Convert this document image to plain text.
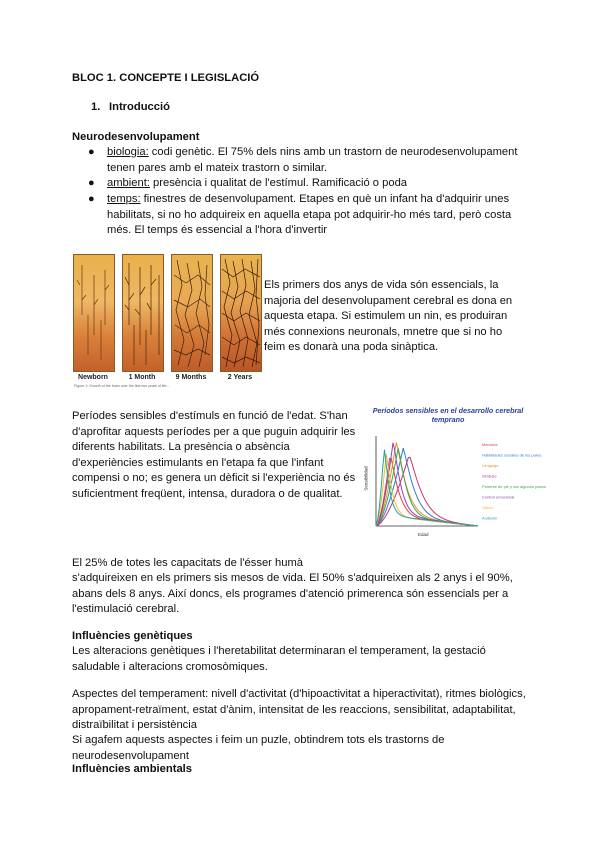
BLOC 1. CONCEPTE I LEGISLACIÓ
1. Introducció
Neurodesenvolupament
● biologia: codi genètic. El 75% dels nins amb un trastorn de neurodesenvolupament tenen pares amb el mateix trastorn o similar.
● ambient: presència i qualitat de l'estímul. Ramificació o poda
● temps: finestres de desenvolupament. Etapes en què un infant ha d'adquirir unes habilitats, si no ho adquireix en aquella etapa pot adquirir-ho més tard, però costa més. El temps és essencial a l'hora d'invertir
Newborn	1 Month	9 Months	2 Years
Figure 1: Growth of the brain over the first two years of life...
Els primers dos anys de vida són essencials, la majoria del desenvolupament cerebral es dona en aquesta etapa. Si estimulem un nin, es produiran més connexions neuronals, mnetre que si no ho feim es donarà una poda sinàptica.
Períodes sensibles d'estímuls en funció de l'edat. S'han d'aprofitar aquests períodes per a que puguin adquirir les diferents habilitats. La presència o absència d'experiències estimulants en l'etapa fa que l'infant compensi o no; es genera un dèficit si l'experiència no és suficientment freqüent, intensa, duradora o de qualitat.
Períodos sensibles en el desarrollo cerebral temprano
Memoria
Habilidades sociales de los pares
Lenguaje
Simbolo
Ponerse de pie y dar algunos pasos
Control emocional
Visión
Audición
Edad
Sensibilidad
El 25% de totes les capacitats de l'ésser humà
s'adquireixen en els primers sis mesos de vida. El 50% s'adquireixen als 2 anys i el 90%, abans dels 8 anys. Així doncs, els programes d'atenció primerenca són essencials per a l'estimulació cerebral.
Influències genètiques
Les alteracions genètiques i l'heretabilitat determinaran el temperament, la gestació saludable i alteracions cromosòmiques.
Aspectes del temperament: nivell d'activitat (d'hipoactivitat a hiperactivitat), ritmes biològics, apropament-retraïment, estat d'ànim, intensitat de les reaccions, sensibilitat, adaptabilitat, distraïbilitat i persistència
Si agafem aquests aspectes i feim un puzle, obtindrem tots els trastorns de neurodesenvolupament
Influències ambientals
